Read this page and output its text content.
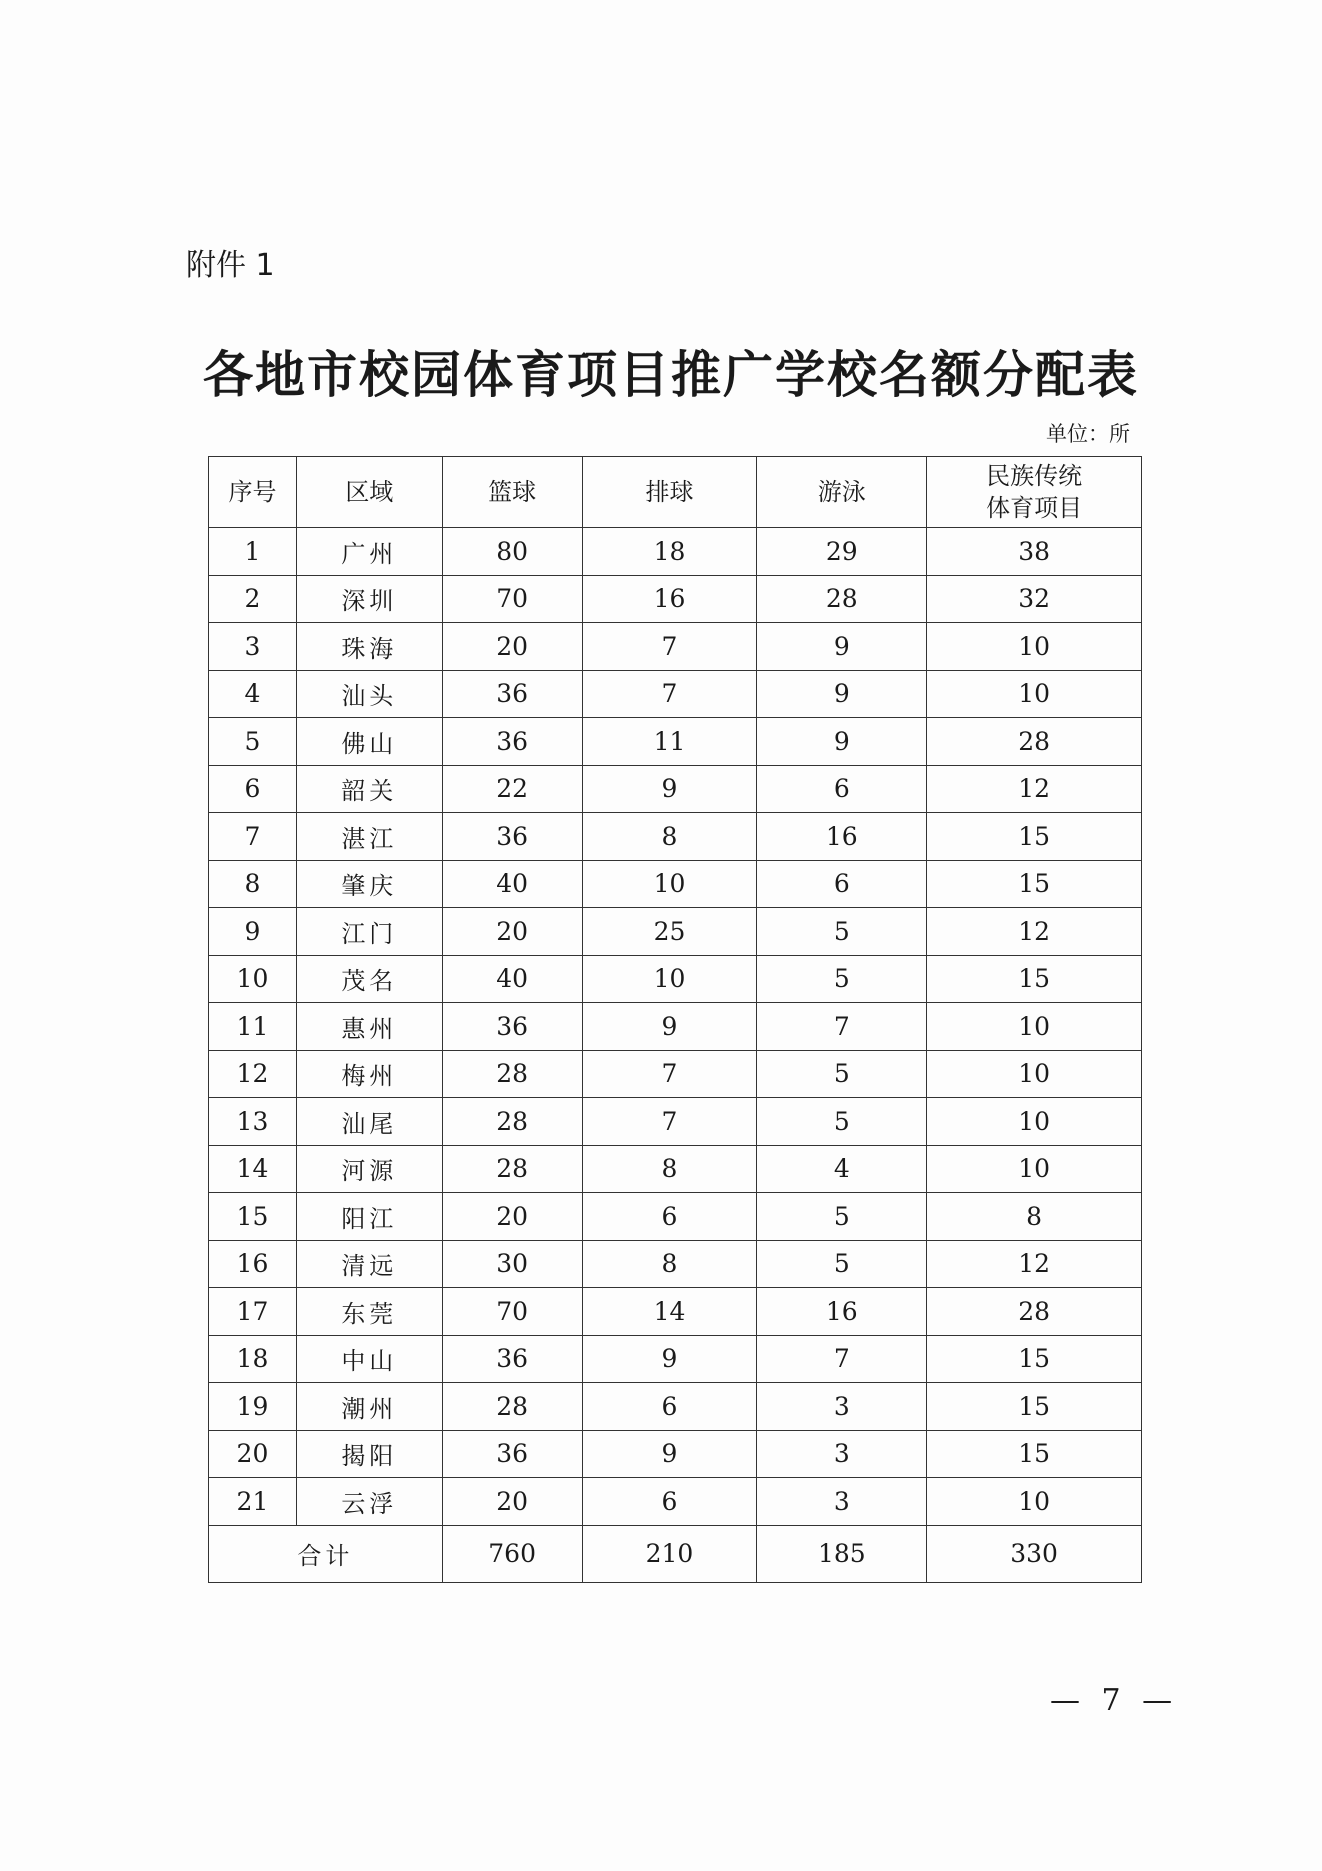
附件 1
各地市校园体育项目推广学校名额分配表
单位：所
序号	区域	篮球	排球	游泳	民族传统
体育项目

1	广州	80	18	29	38
2	深圳	70	16	28	32
3	珠海	20	7	9	10
4	汕头	36	7	9	10
5	佛山	36	11	9	28
6	韶关	22	9	6	12
7	湛江	36	8	16	15
8	肇庆	40	10	6	15
9	江门	20	25	5	12
10	茂名	40	10	5	15
11	惠州	36	9	7	10
12	梅州	28	7	5	10
13	汕尾	28	7	5	10
14	河源	28	8	4	10
15	阳江	20	6	5	8
16	清远	30	8	5	12
17	东莞	70	14	16	28
18	中山	36	9	7	15
19	潮州	28	6	3	15
20	揭阳	36	9	3	15
21	云浮	20	6	3	10
合计		760	210	185	330
— 7 —
